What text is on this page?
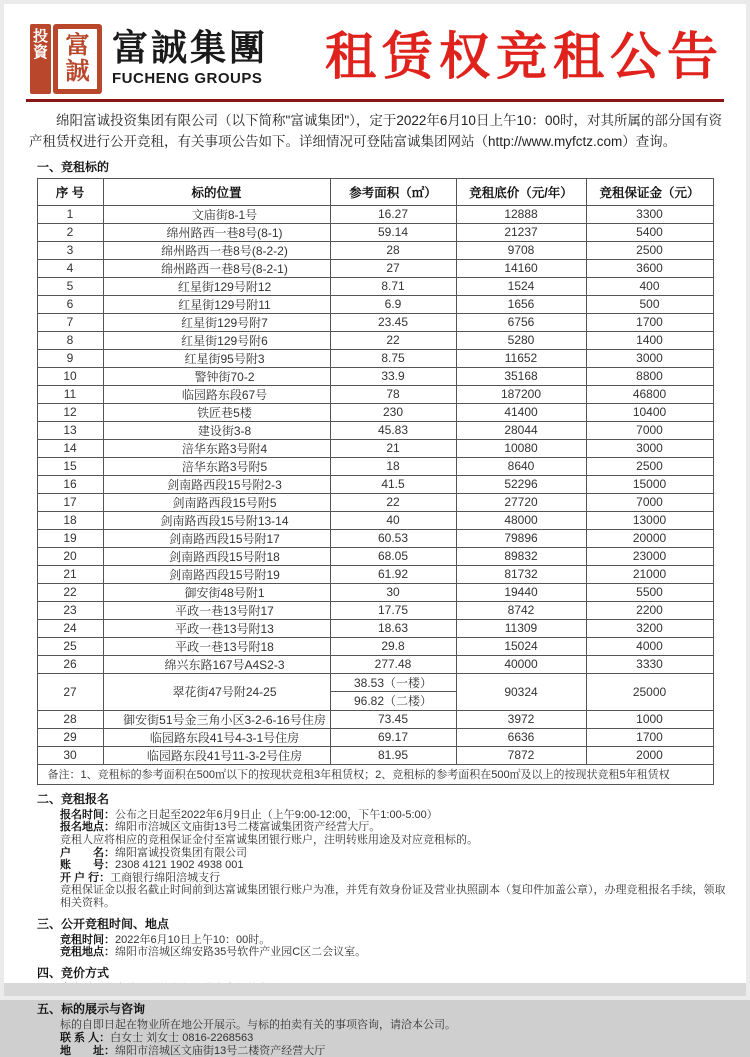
投資 富誠
富誠集團
FUCHENG GROUPS	租赁权竞租公告

绵阳富诚投资集团有限公司（以下简称"富诚集团"），定于2022年6月10日上午10：00时，对其所属的部分国有资产租赁权进行公开竞租，有关事项公告如下。详细情况可登陆富诚集团网站（http://www.myfctz.com）查询。

一、竞租标的
序 号	标的位置	参考面积（㎡）	竞租底价（元/年）	竞租保证金（元）
1	文庙街8-1号	16.27	12888	3300
2	绵州路西一巷8号(8-1)	59.14	21237	5400
3	绵州路西一巷8号(8-2-2)	28	9708	2500
4	绵州路西一巷8号(8-2-1)	27	14160	3600
5	红星街129号附12	8.71	1524	400
6	红星街129号附11	6.9	1656	500
7	红星街129号附7	23.45	6756	1700
8	红星街129号附6	22	5280	1400
9	红星街95号附3	8.75	11652	3000
10	警钟街70-2	33.9	35168	8800
11	临园路东段67号	78	187200	46800
12	铁匠巷5楼	230	41400	10400
13	建设街3-8	45.83	28044	7000
14	涪华东路3号附4	21	10080	3000
15	涪华东路3号附5	18	8640	2500
16	剑南路西段15号附2-3	41.5	52296	15000
17	剑南路西段15号附5	22	27720	7000
18	剑南路西段15号附13-14	40	48000	13000
19	剑南路西段15号附17	60.53	79896	20000
20	剑南路西段15号附18	68.05	89832	23000
21	剑南路西段15号附19	61.92	81732	21000
22	御安街48号附1	30	19440	5500
23	平政一巷13号附17	17.75	8742	2200
24	平政一巷13号附13	18.63	11309	3200
25	平政一巷13号附18	29.8	15024	4000
26	绵兴东路167号A4S2-3	277.48	40000	3330
27	翠花街47号附24-25	38.53（一楼）
96.82（二楼）	90324	25000
28	御安街51号金三角小区3-2-6-16号住房	73.45	3972	1000
29	临园路东段41号4-3-1号住房	69.17	6636	1700
30	临园路东段41号11-3-2号住房	81.95	7872	2000
备注：1、竞租标的参考面积在500㎡以下的按现状竞租3年租赁权；2、竞租标的参考面积在500㎡及以上的按现状竞租5年租赁权				
二、竞租报名
报名时间：公布之日起至2022年6月9日止（上午9:00-12:00，下午1:00-5:00）
报名地点：绵阳市涪城区文庙街13号二楼富诚集团资产经营大厅。
竞租人应将相应的竞租保证金付至富诚集团银行账户，注明转账用途及对应竞租标的。
户　　名：绵阳富诚投资集团有限公司
账　　号：2308 4121 1902 4938 001
开 户 行：工商银行绵阳涪城支行
竞租保证金以报名截止时间前到达富诚集团银行账户为准，并凭有效身份证及营业执照副本（复印件加盖公章），办理竞租报名手续，领取相关资料。
三、公开竞租时间、地点
竞租时间：2022年6月10日上午10：00时。
竞租地点：绵阳市涪城区绵安路35号软件产业园C区二会议室。
四、竞价方式
五、标的展示与咨询
标的自即日起在物业所在地公开展示。与标的拍卖有关的事项咨询，请洽本公司。
联 系 人：白女士 刘女士 0816-2268563
地　　址：绵阳市涪城区文庙街13号二楼资产经营大厅
